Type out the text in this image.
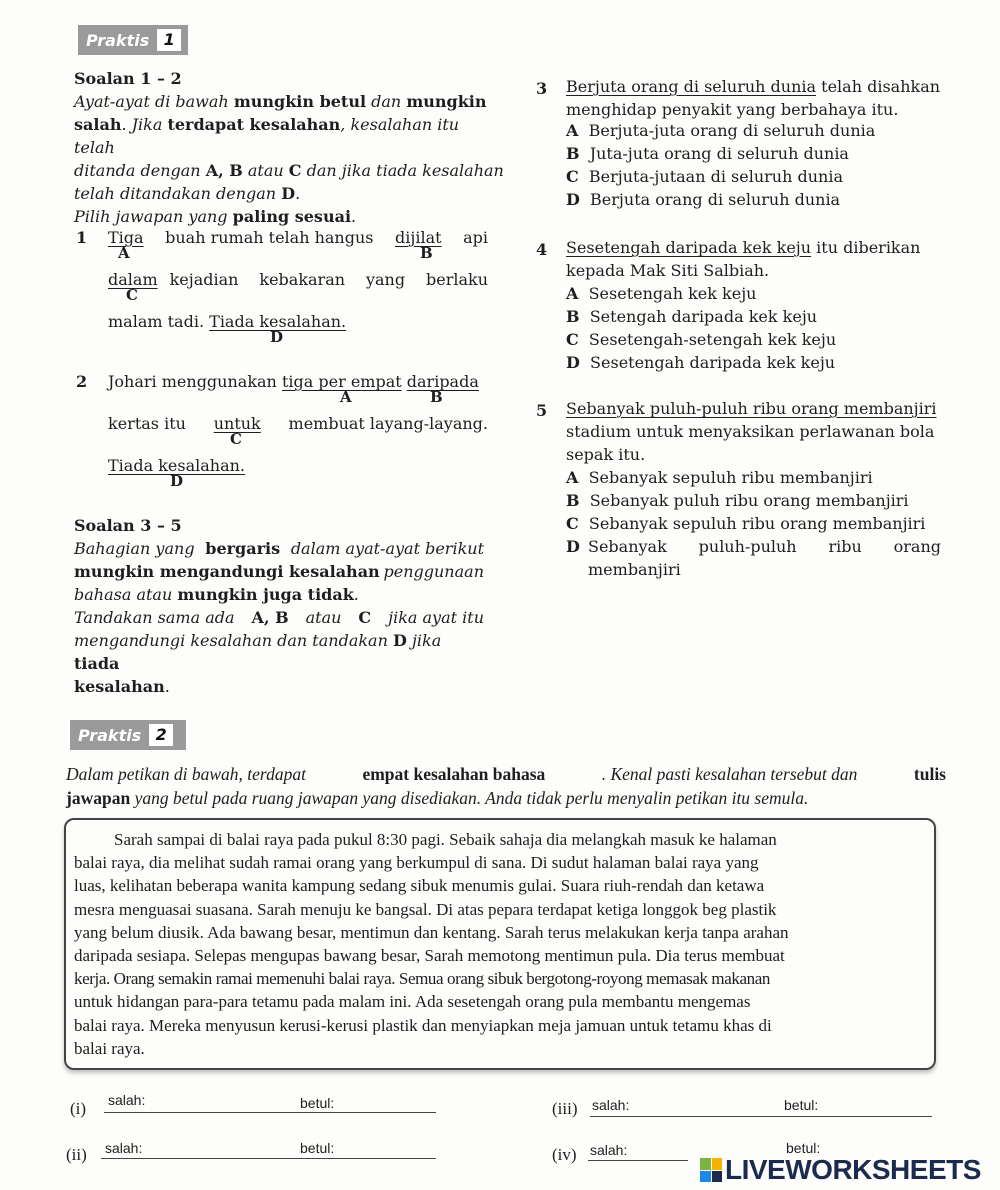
Praktis 1
Soalan 1 – 2
Ayat-ayat di bawah mungkin betul dan mungkin
salah. Jika terdapat kesalahan, kesalahan itu telah
ditanda dengan A, B atau C dan jika tiada kesalahan
telah ditandakan dengan D.
Pilih jawapan yang paling sesuai.
1 Tiga buah rumah telah hangus dijilat api
A	B
dalam kejadian kebakaran yang berlaku
C
malam tadi. Tiada kesalahan.
D
2 Johari menggunakan tiga per empat daripada
A	B
kertas itu untuk membuat layang-layang.
C
Tiada kesalahan.
D
Soalan 3 – 5
Bahagian yang bergaris dalam ayat-ayat berikut
mungkin mengandungi kesalahan penggunaan
bahasa atau mungkin juga tidak.
Tandakan sama ada A, B atau C jika ayat itu
mengandungi kesalahan dan tandakan D jika tiada
kesalahan.
3 Berjuta orang di seluruh dunia telah disahkan
menghidap penyakit yang berbahaya itu.
A Berjuta-juta orang di seluruh dunia
B Juta-juta orang di seluruh dunia
C Berjuta-jutaan di seluruh dunia
D Berjuta orang di seluruh dunia
4 Sesetengah daripada kek keju itu diberikan
kepada Mak Siti Salbiah.
A Sesetengah kek keju
B Setengah daripada kek keju
C Sesetengah-setengah kek keju
D Sesetengah daripada kek keju
5 Sebanyak puluh-puluh ribu orang membanjiri
stadium untuk menyaksikan perlawanan bola
sepak itu.
A Sebanyak sepuluh ribu membanjiri
B Sebanyak puluh ribu orang membanjiri
C Sebanyak sepuluh ribu orang membanjiri
D Sebanyak puluh-puluh ribu orang
membanjiri
Praktis 2
Dalam petikan di bawah, terdapat	empat kesalahan bahasa	. Kenal pasti kesalahan tersebut dan	tulis
jawapan yang betul pada ruang jawapan yang disediakan. Anda tidak perlu menyalin petikan itu semula.
Sarah sampai di balai raya pada pukul 8:30 pagi. Sebaik sahaja dia melangkah masuk ke halaman
balai raya, dia melihat sudah ramai orang yang berkumpul di sana. Di sudut halaman balai raya yang
luas, kelihatan beberapa wanita kampung sedang sibuk menumis gulai. Suara riuh-rendah dan ketawa
mesra menguasai suasana. Sarah menuju ke bangsal. Di atas pepara terdapat ketiga longgok beg plastik
yang belum diusik. Ada bawang besar, mentimun dan kentang. Sarah terus melakukan kerja tanpa arahan
daripada sesiapa. Selepas mengupas bawang besar, Sarah memotong mentimun pula. Dia terus membuat
kerja. Orang semakin ramai memenuhi balai raya. Semua orang sibuk bergotong-royong memasak makanan
untuk hidangan para-para tetamu pada malam ini. Ada sesetengah orang pula membantu mengemas
balai raya. Mereka menyusun kerusi-kerusi plastik dan menyiapkan meja jamuan untuk tetamu khas di
balai raya.
(i) salah:	betul:
(ii) salah:	betul:
(iii) salah:	betul:
(iv) salah:	betul:
LIVEWORKSHEETS
